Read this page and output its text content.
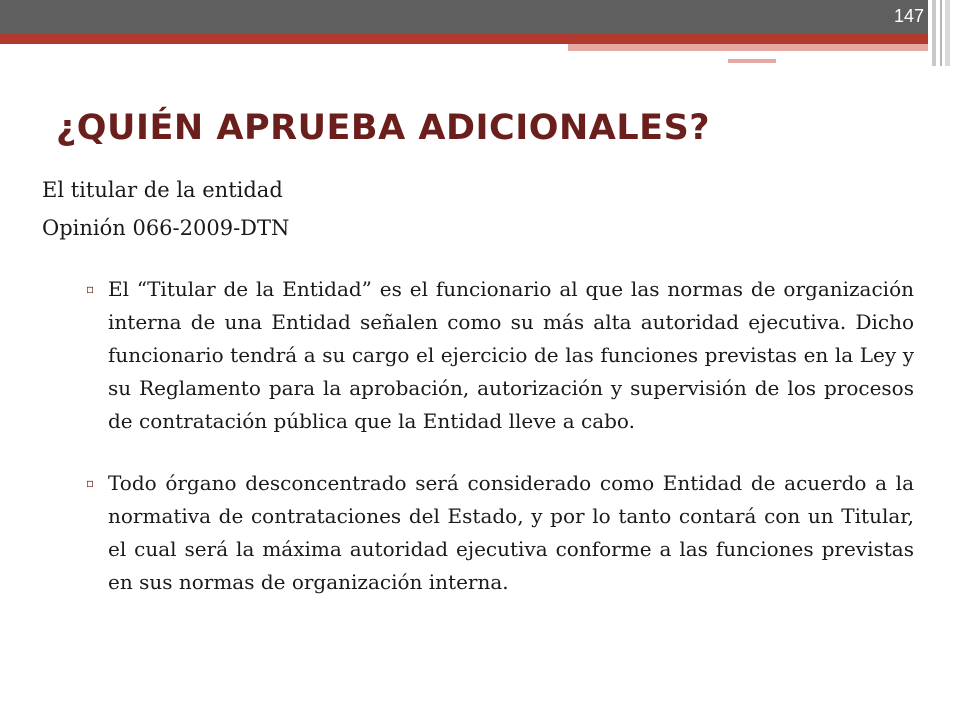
147
¿QUIÉN APRUEBA ADICIONALES?
El titular de la entidad
Opinión 066-2009-DTN
▫ El “Titular de la Entidad” es el funcionario al que las normas de organización interna de una Entidad señalen como su más alta autoridad ejecutiva. Dicho funcionario tendrá a su cargo el ejercicio de las funciones previstas en la Ley y su Reglamento para la aprobación, autorización y supervisión de los procesos de contratación pública que la Entidad lleve a cabo.
▫ Todo órgano desconcentrado será considerado como Entidad de acuerdo a la normativa de contrataciones del Estado, y por lo tanto contará con un Titular, el cual será la máxima autoridad ejecutiva conforme a las funciones previstas en sus normas de organización interna.
